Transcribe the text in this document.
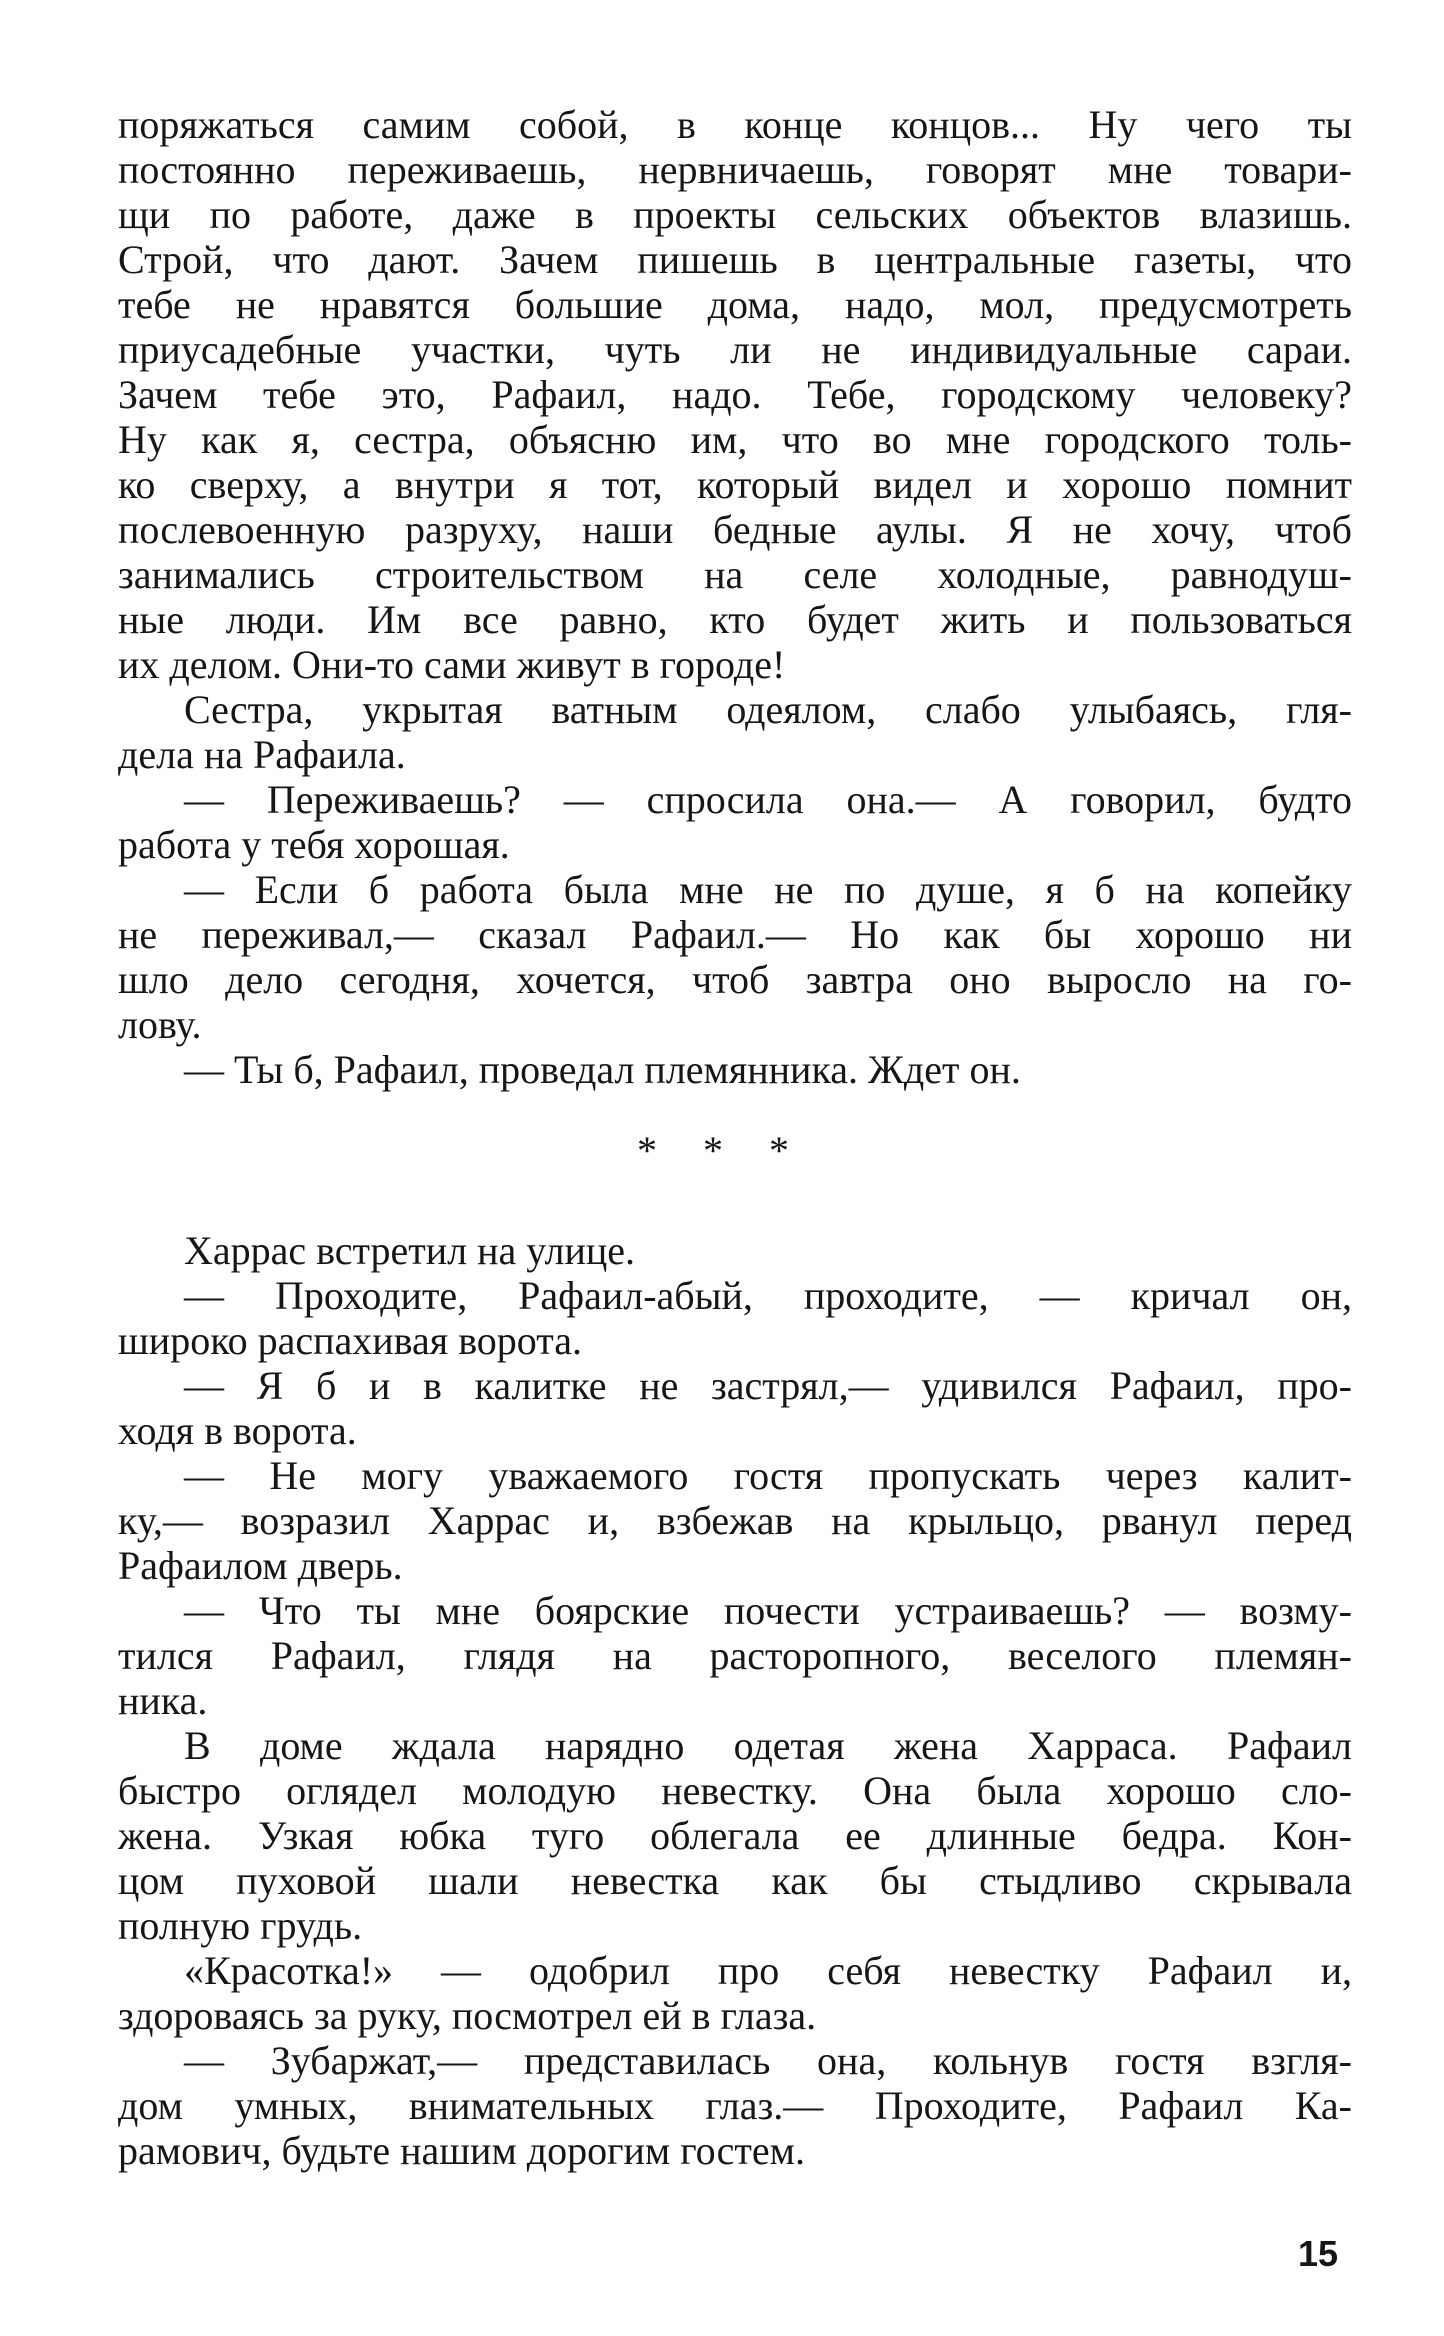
поряжаться самим собой, в конце концов... Ну чего ты
постоянно переживаешь, нервничаешь, говорят мне товари-
щи по работе, даже в проекты сельских объектов влазишь.
Строй, что дают. Зачем пишешь в центральные газеты, что
тебе не нравятся большие дома, надо, мол, предусмотреть
приусадебные участки, чуть ли не индивидуальные сараи.
Зачем тебе это, Рафаил, надо. Тебе, городскому человеку?
Ну как я, сестра, объясню им, что во мне городского толь-
ко сверху, а внутри я тот, который видел и хорошо помнит
послевоенную разруху, наши бедные аулы. Я не хочу, чтоб
занимались строительством на селе холодные, равнодуш-
ные люди. Им все равно, кто будет жить и пользоваться
их делом. Они-то сами живут в городе!
Сестра, укрытая ватным одеялом, слабо улыбаясь, гля-
дела на Рафаила.
— Переживаешь? — спросила она.— А говорил, будто
работа у тебя хорошая.
— Если б работа была мне не по душе, я б на копейку
не переживал,— сказал Рафаил.— Но как бы хорошо ни
шло дело сегодня, хочется, чтоб завтра оно выросло на го-
лову.
— Ты б, Рафаил, проведал племянника. Ждет он.
* * *
Харрас встретил на улице.
— Проходите, Рафаил-абый, проходите, — кричал он,
широко распахивая ворота.
— Я б и в калитке не застрял,— удивился Рафаил, про-
ходя в ворота.
— Не могу уважаемого гостя пропускать через калит-
ку,— возразил Харрас и, взбежав на крыльцо, рванул перед
Рафаилом дверь.
— Что ты мне боярские почести устраиваешь? — возму-
тился Рафаил, глядя на расторопного, веселого племян-
ника.
В доме ждала нарядно одетая жена Харраса. Рафаил
быстро оглядел молодую невестку. Она была хорошо сло-
жена. Узкая юбка туго облегала ее длинные бедра. Кон-
цом пуховой шали невестка как бы стыдливо скрывала
полную грудь.
«Красотка!» — одобрил про себя невестку Рафаил и,
здороваясь за руку, посмотрел ей в глаза.
— Зубаржат,— представилась она, кольнув гостя взгля-
дом умных, внимательных глаз.— Проходите, Рафаил Ка-
рамович, будьте нашим дорогим гостем.
15
